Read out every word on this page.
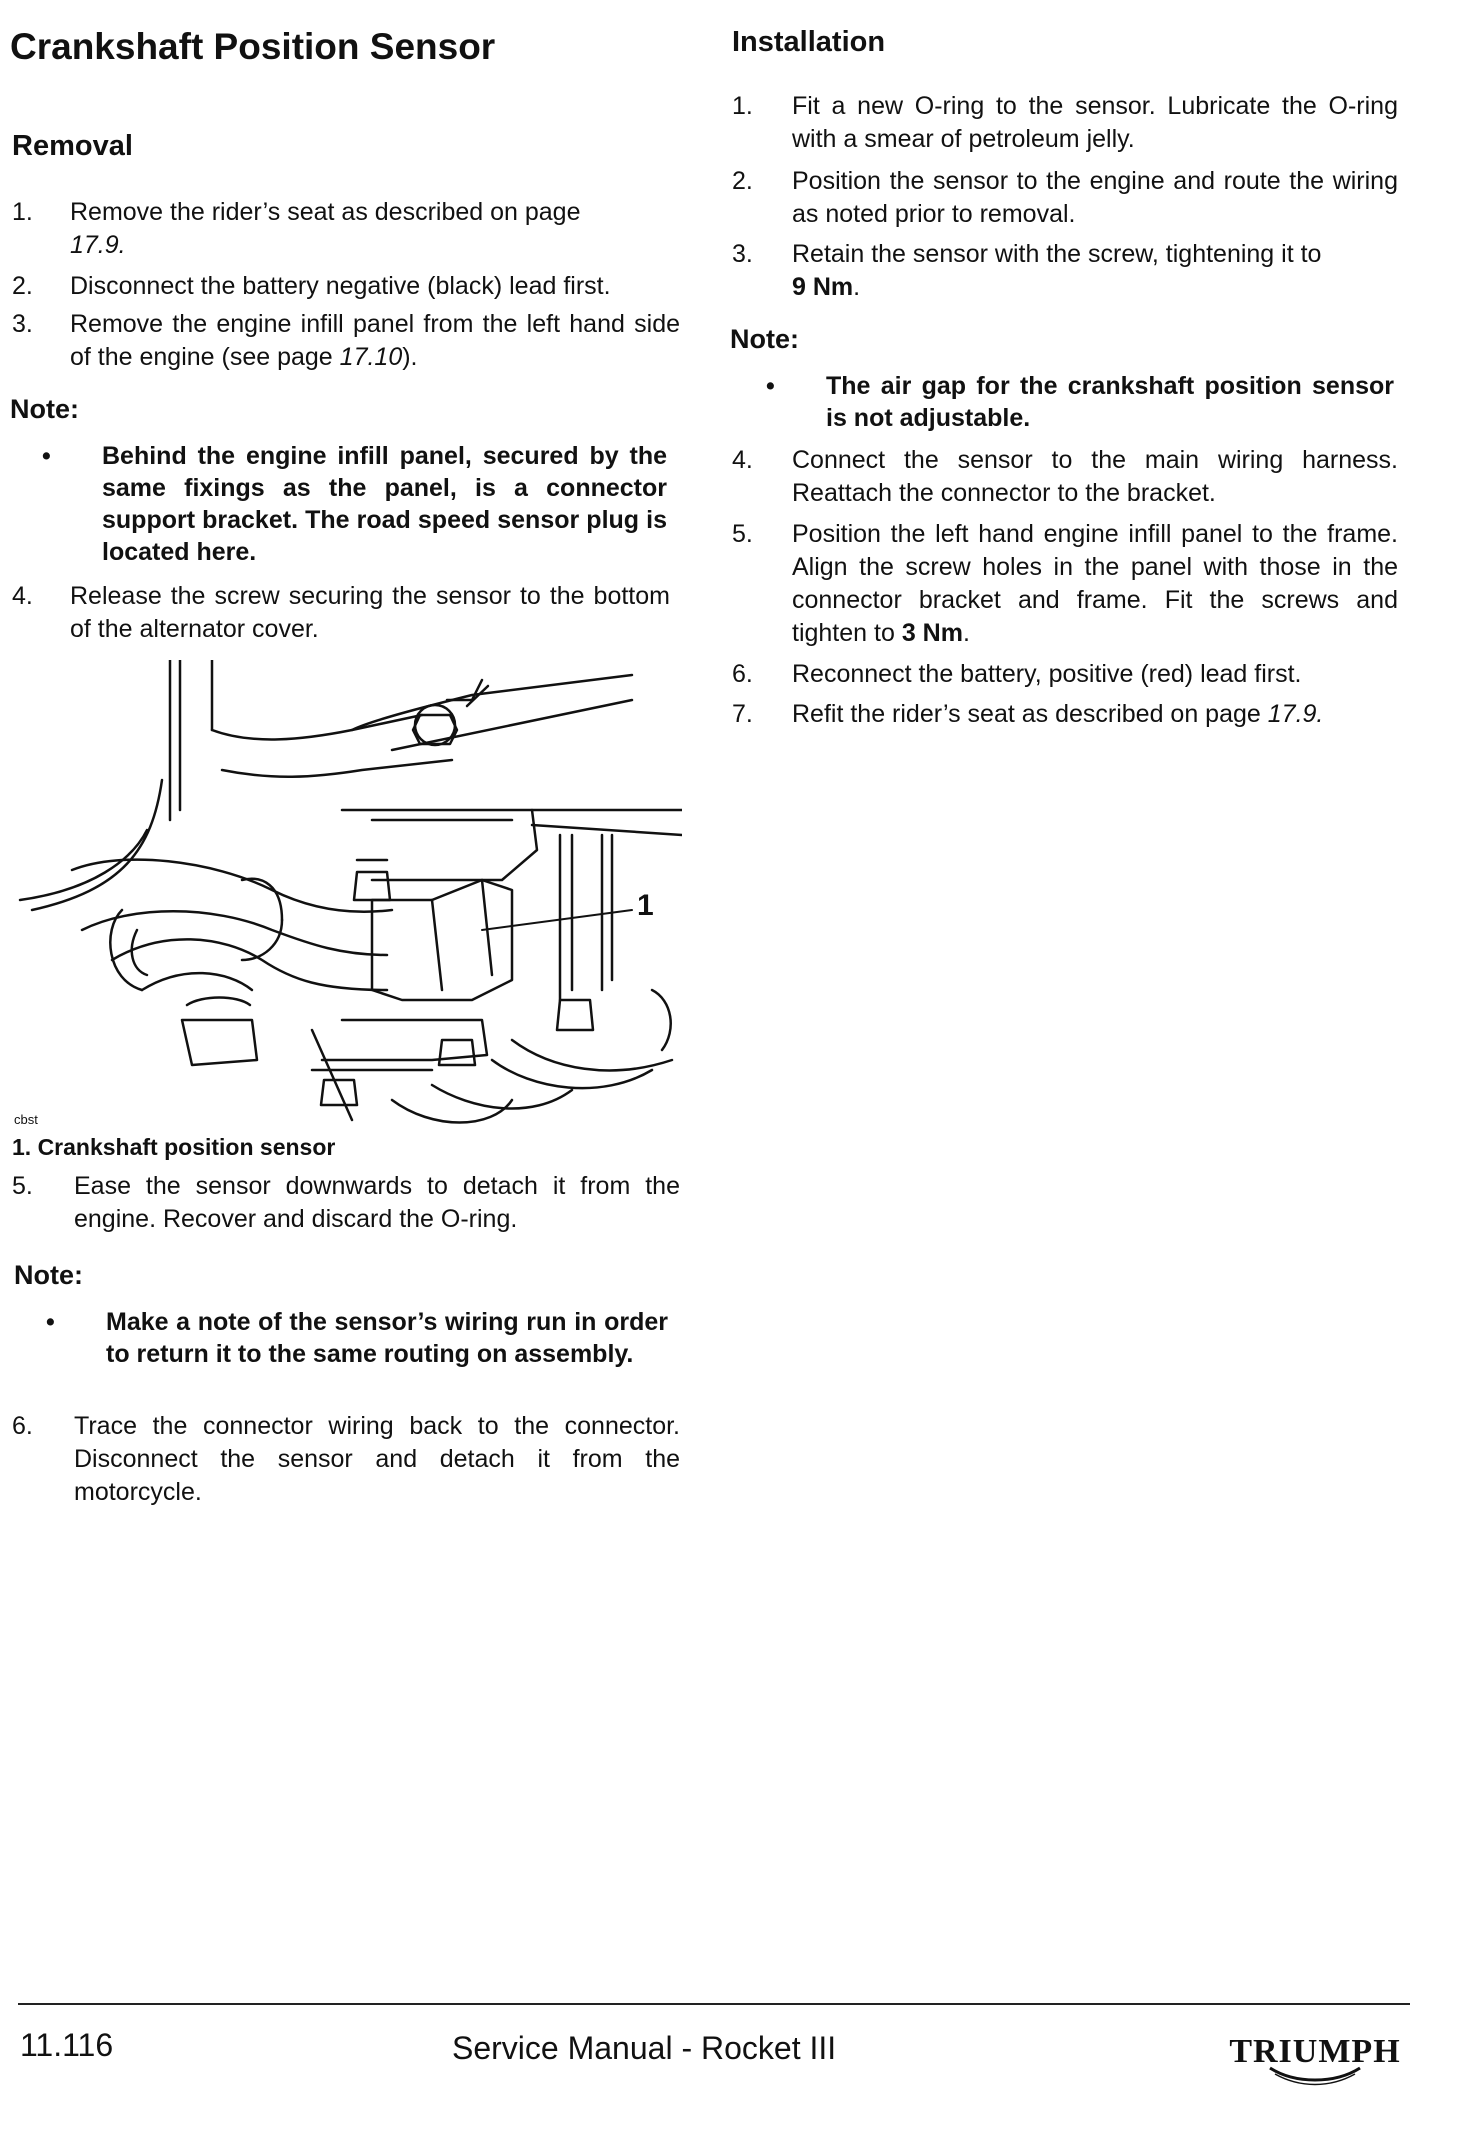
Crankshaft Position Sensor
Removal
1.	Remove the rider’s seat as described on page
17.9.
2.	Disconnect the battery negative (black) lead first.
3.	Remove the engine infill panel from the left hand side of the engine (see page 17.10).
Note:
• Behind the engine infill panel, secured by the same fixings as the panel, is a connector support bracket. The road speed sensor plug is located here.
4.	Release the screw securing the sensor to the bottom of the alternator cover.
1
cbst
1. Crankshaft position sensor
5.	Ease the sensor downwards to detach it from the engine. Recover and discard the O-ring.
Note:
• Make a note of the sensor’s wiring run in order to return it to the same routing on assembly.
6.	Trace the connector wiring back to the connector. Disconnect the sensor and detach it from the motorcycle.
Installation
1.	Fit a new O-ring to the sensor. Lubricate the O-ring with a smear of petroleum jelly.
2.	Position the sensor to the engine and route the wiring as noted prior to removal.
3.	Retain the sensor with the screw, tightening it to
9 Nm.
Note:
• The air gap for the crankshaft position sensor is not adjustable.
4.	Connect the sensor to the main wiring harness. Reattach the connector to the bracket.
5.	Position the left hand engine infill panel to the frame. Align the screw holes in the panel with those in the connector bracket and frame. Fit the screws and tighten to 3 Nm.
6.	Reconnect the battery, positive (red) lead first.
7.	Refit the rider’s seat as described on page 17.9.
11.116	Service Manual - Rocket III	TRIUMPH
